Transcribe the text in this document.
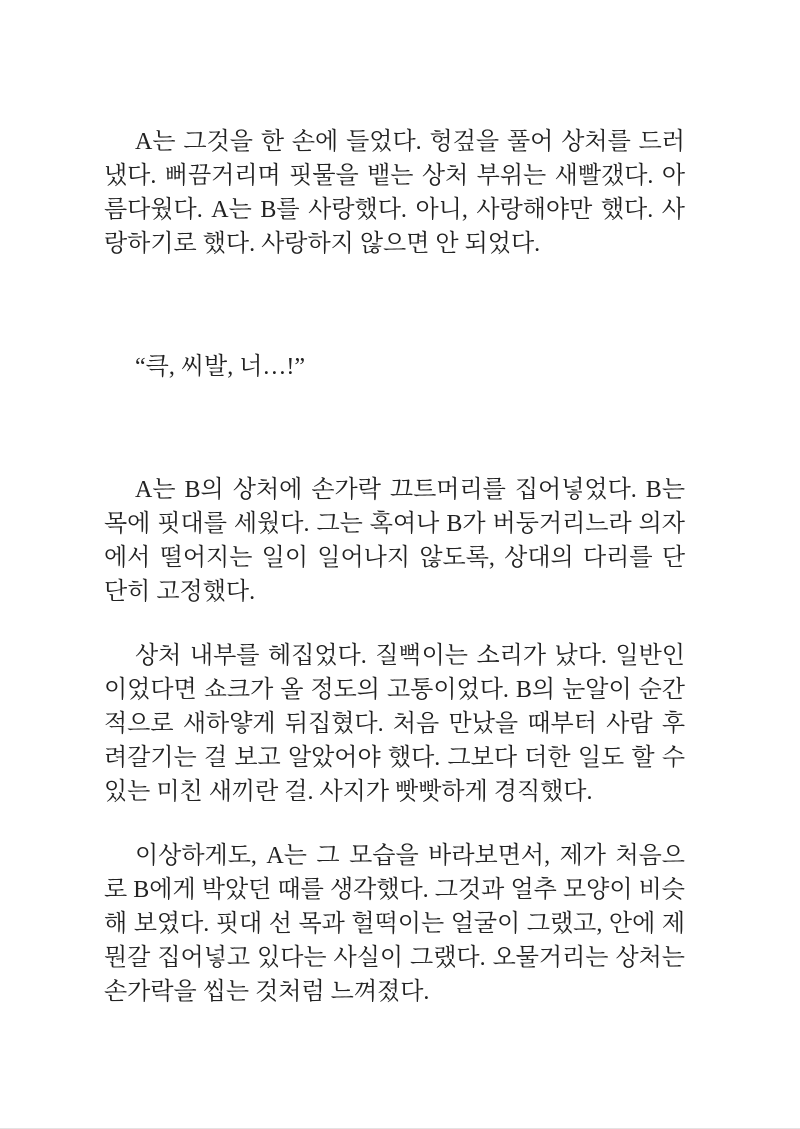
A는 그것을 한 손에 들었다. 헝겊을 풀어 상처를 드러냈다. 뻐끔거리며 핏물을 뱉는 상처 부위는 새빨갰다. 아름다웠다. A는 B를 사랑했다. 아니, 사랑해야만 했다. 사랑하기로 했다. 사랑하지 않으면 안 되었다.

“큭, 씨발, 너…!”

A는 B의 상처에 손가락 끄트머리를 집어넣었다. B는 목에 핏대를 세웠다. 그는 혹여나 B가 버둥거리느라 의자에서 떨어지는 일이 일어나지 않도록, 상대의 다리를 단단히 고정했다.

상처 내부를 헤집었다. 질뻑이는 소리가 났다. 일반인이었다면 쇼크가 올 정도의 고통이었다. B의 눈알이 순간적으로 새하얗게 뒤집혔다. 처음 만났을 때부터 사람 후려갈기는 걸 보고 알았어야 했다. 그보다 더한 일도 할 수 있는 미친 새끼란 걸. 사지가 빳빳하게 경직했다.

이상하게도, A는 그 모습을 바라보면서, 제가 처음으로 B에게 박았던 때를 생각했다. 그것과 얼추 모양이 비슷해 보였다. 핏대 선 목과 헐떡이는 얼굴이 그랬고, 안에 제 뭔갈 집어넣고 있다는 사실이 그랬다. 오물거리는 상처는 손가락을 씹는 것처럼 느껴졌다.
